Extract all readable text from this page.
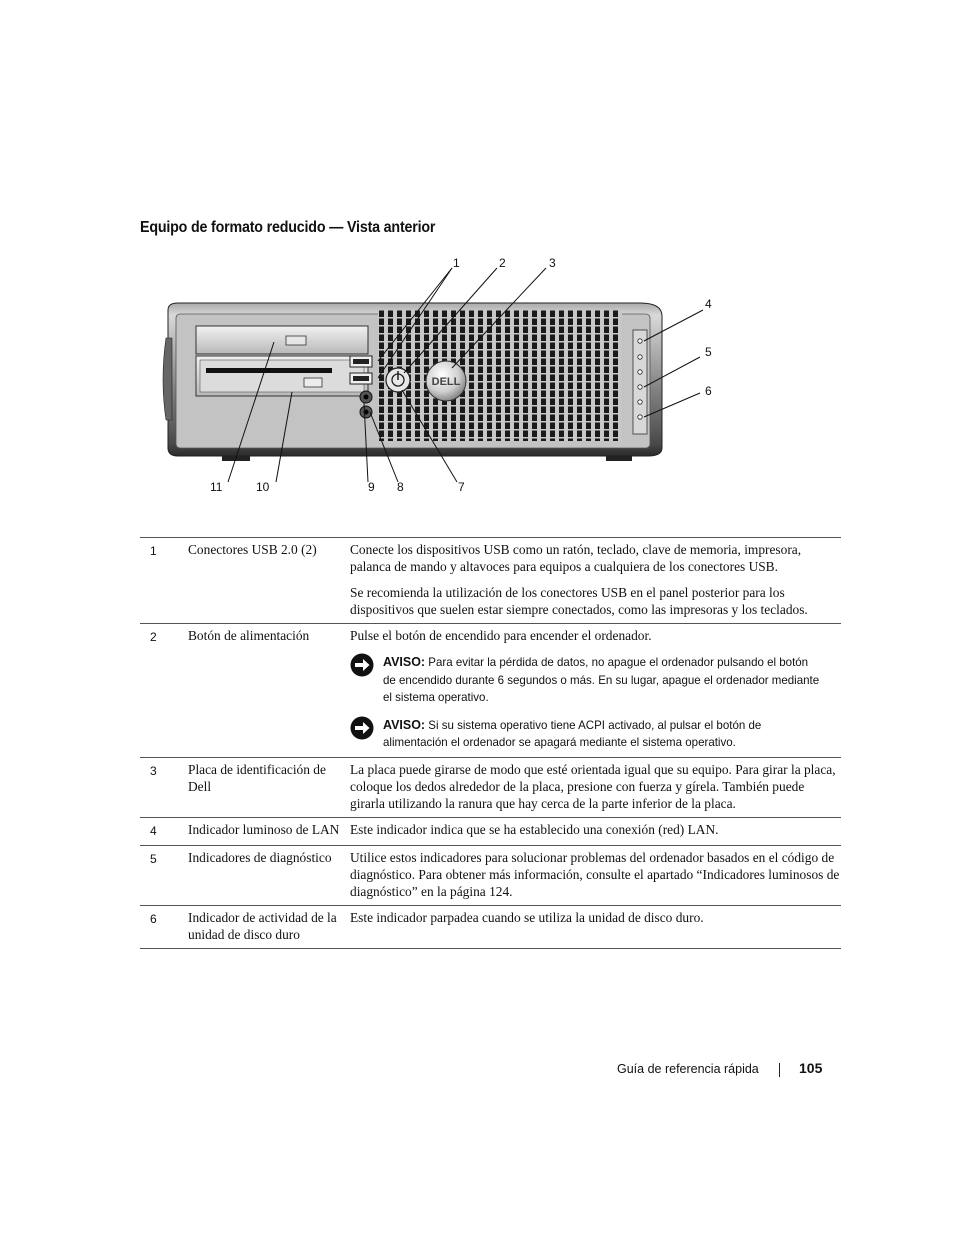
Equipo de formato reducido — Vista anterior
DELL
1	2	3
4
5
6
7
8
9
10
11
1	Conectores USB 2.0 (2)	Conecte los dispositivos USB como un ratón, teclado, clave de memoria, impresora, palanca de mando y altavoces para equipos a cualquiera de los conectores USB.

Se recomienda la utilización de los conectores USB en el panel posterior para los dispositivos que suelen estar siempre conectados, como las impresoras y los teclados.

2	Botón de alimentación	Pulse el botón de encendido para encender el ordenador.

AVISO: Para evitar la pérdida de datos, no apague el ordenador pulsando el botón de encendido durante 6 segundos o más. En su lugar, apague el ordenador mediante el sistema operativo.
AVISO: Si su sistema operativo tiene ACPI activado, al pulsar el botón de alimentación el ordenador se apagará mediante el sistema operativo.

3	Placa de identificación de Dell	La placa puede girarse de modo que esté orientada igual que su equipo. Para girar la placa, coloque los dedos alrededor de la placa, presione con fuerza y gírela. También puede girarla utilizando la ranura que hay cerca de la parte inferior de la placa.

4	Indicador luminoso de LAN	Este indicador indica que se ha establecido una conexión (red) LAN.

5	Indicadores de diagnóstico	Utilice estos indicadores para solucionar problemas del ordenador basados en el código de diagnóstico. Para obtener más información, consulte el apartado “Indicadores luminosos de diagnóstico” en la página 124.

6	Indicador de actividad de la unidad de disco duro	Este indicador parpadea cuando se utiliza la unidad de disco duro.

Guía de referencia rápida	105
